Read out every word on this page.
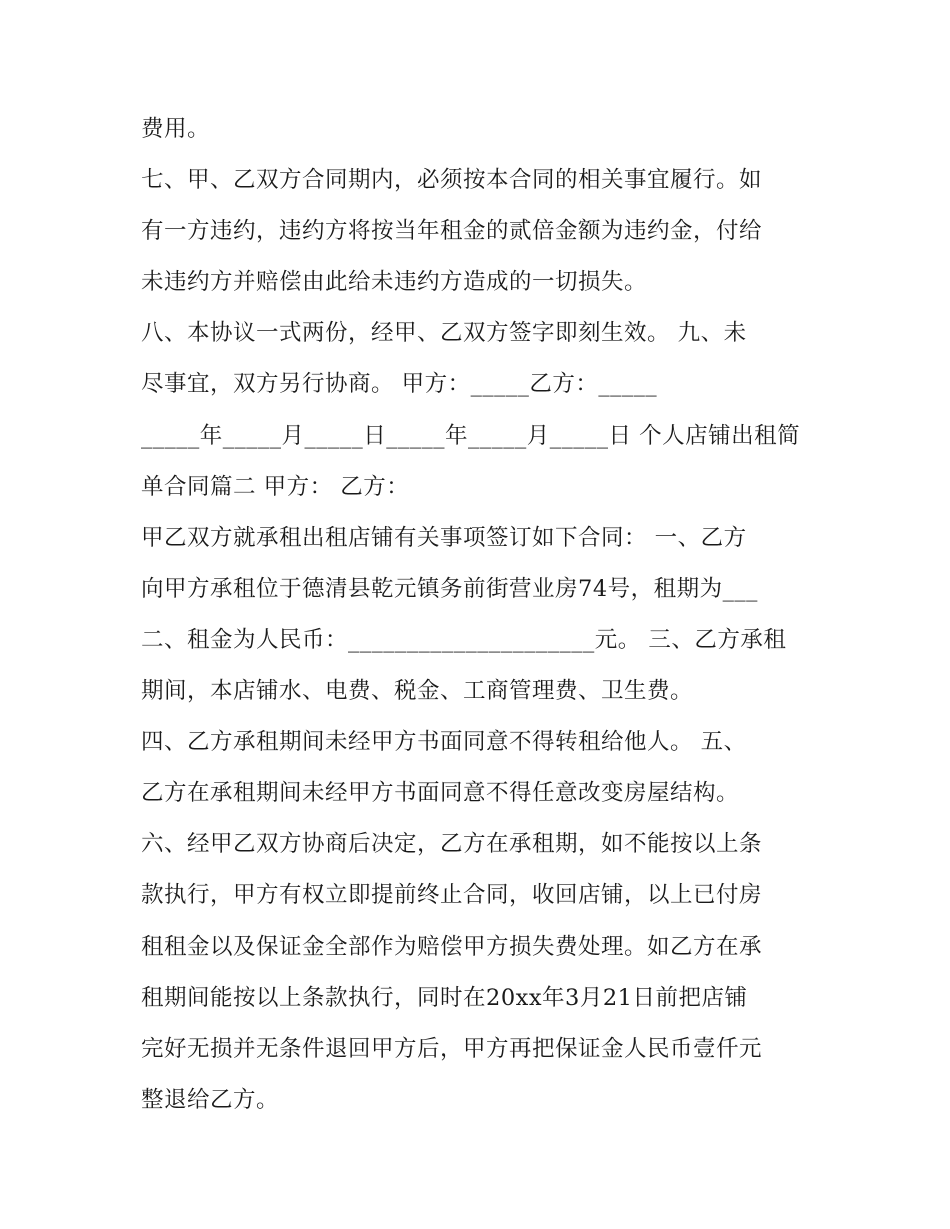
费用。
七、甲、乙双方合同期内，必须按本合同的相关事宜履行。如
有一方违约，违约方将按当年租金的贰倍金额为违约金，付给
未违约方并赔偿由此给未违约方造成的一切损失。
八、本协议一式两份，经甲、乙双方签字即刻生效。 九、未
尽事宜，双方另行协商。 甲方：_____乙方：_____
_____年_____月_____日_____年_____月_____日 个人店铺出租简
单合同篇二 甲方： 乙方：
甲乙双方就承租出租店铺有关事项签订如下合同： 一、乙方
向甲方承租位于德清县乾元镇务前街营业房74号，租期为___
二、租金为人民币：_____________________元。 三、乙方承租
期间，本店铺水、电费、税金、工商管理费、卫生费。
四、乙方承租期间未经甲方书面同意不得转租给他人。 五、
乙方在承租期间未经甲方书面同意不得任意改变房屋结构。
六、经甲乙双方协商后决定，乙方在承租期，如不能按以上条
款执行，甲方有权立即提前终止合同，收回店铺，以上已付房
租租金以及保证金全部作为赔偿甲方损失费处理。如乙方在承
租期间能按以上条款执行，同时在20xx年3月21日前把店铺
完好无损并无条件退回甲方后，甲方再把保证金人民币壹仟元
整退给乙方。
